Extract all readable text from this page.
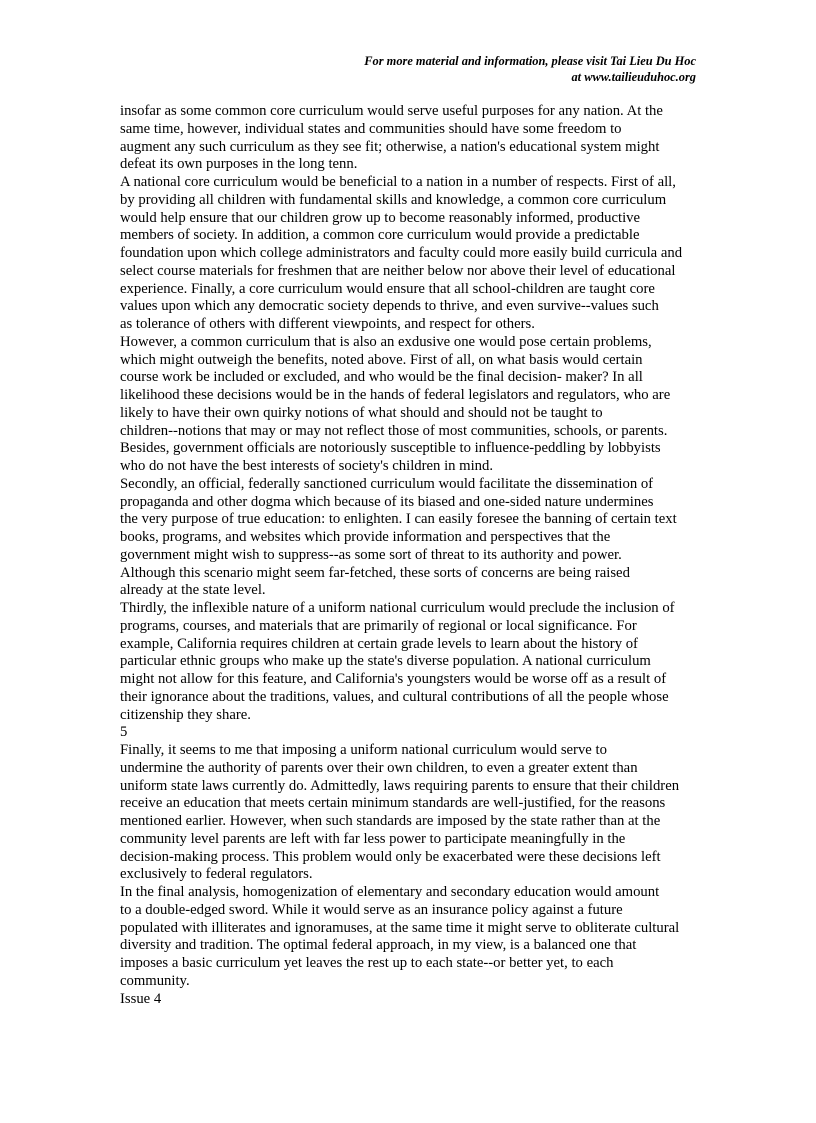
For more material and information, please visit Tai Lieu Du Hoc
at www.tailieuduhoc.org
insofar as some common core curriculum would serve useful purposes for any nation. At the
same time, however, individual states and communities should have some freedom to
augment any such curriculum as they see fit; otherwise, a nation's educational system might
defeat its own purposes in the long tenn.
A national core curriculum would be beneficial to a nation in a number of respects. First of all,
by providing all children with fundamental skills and knowledge, a common core curriculum
would help ensure that our children grow up to become reasonably informed, productive
members of society. In addition, a common core curriculum would provide a predictable
foundation upon which college administrators and faculty could more easily build curricula and
select course materials for freshmen that are neither below nor above their level of educational
experience. Finally, a core curriculum would ensure that all school-children are taught core
values upon which any democratic society depends to thrive, and even survive--values such
as tolerance of others with different viewpoints, and respect for others.
However, a common curriculum that is also an exdusive one would pose certain problems,
which might outweigh the benefits, noted above. First of all, on what basis would certain
course work be included or excluded, and who would be the final decision- maker? In all
likelihood these decisions would be in the hands of federal legislators and regulators, who are
likely to have their own quirky notions of what should and should not be taught to
children--notions that may or may not reflect those of most communities, schools, or parents.
Besides, government officials are notoriously susceptible to influence-peddling by lobbyists
who do not have the best interests of society's children in mind.
Secondly, an official, federally sanctioned curriculum would facilitate the dissemination of
propaganda and other dogma which because of its biased and one-sided nature undermines
the very purpose of true education: to enlighten. I can easily foresee the banning of certain text
books, programs, and websites which provide information and perspectives that the
government might wish to suppress--as some sort of threat to its authority and power.
Although this scenario might seem far-fetched, these sorts of concerns are being raised
already at the state level.
Thirdly, the inflexible nature of a uniform national curriculum would preclude the inclusion of
programs, courses, and materials that are primarily of regional or local significance. For
example, California requires children at certain grade levels to learn about the history of
particular ethnic groups who make up the state's diverse population. A national curriculum
might not allow for this feature, and California's youngsters would be worse off as a result of
their ignorance about the traditions, values, and cultural contributions of all the people whose
citizenship they share.
5
Finally, it seems to me that imposing a uniform national curriculum would serve to
undermine the authority of parents over their own children, to even a greater extent than
uniform state laws currently do. Admittedly, laws requiring parents to ensure that their children
receive an education that meets certain minimum standards are well-justified, for the reasons
mentioned earlier. However, when such standards are imposed by the state rather than at the
community level parents are left with far less power to participate meaningfully in the
decision-making process. This problem would only be exacerbated were these decisions left
exclusively to federal regulators.
In the final analysis, homogenization of elementary and secondary education would amount
to a double-edged sword. While it would serve as an insurance policy against a future
populated with illiterates and ignoramuses, at the same time it might serve to obliterate cultural
diversity and tradition. The optimal federal approach, in my view, is a balanced one that
imposes a basic curriculum yet leaves the rest up to each state--or better yet, to each
community.
Issue 4
